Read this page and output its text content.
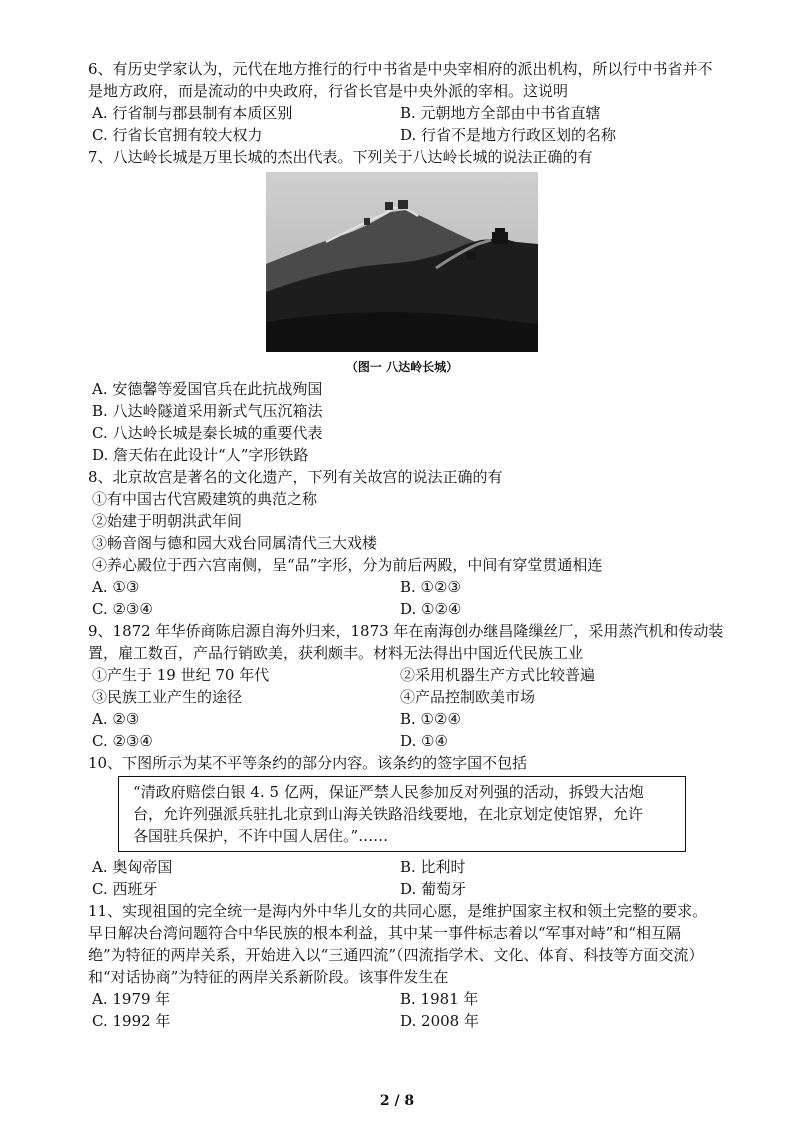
6、有历史学家认为，元代在地方推行的行中书省是中央宰相府的派出机构，所以行中书省并不
是地方政府，而是流动的中央政府，行省长官是中央外派的宰相。这说明
A. 行省制与郡县制有本质区别	B. 元朝地方全部由中书省直辖
C. 行省长官拥有较大权力	D. 行省不是地方行政区划的名称
7、八达岭长城是万里长城的杰出代表。下列关于八达岭长城的说法正确的有
（图一 八达岭长城）
A. 安德馨等爱国官兵在此抗战殉国
B. 八达岭隧道采用新式气压沉箱法
C. 八达岭长城是秦长城的重要代表
D. 詹天佑在此设计“人”字形铁路
8、北京故宫是著名的文化遗产，下列有关故宫的说法正确的有
①有中国古代宫殿建筑的典范之称
②始建于明朝洪武年间
③畅音阁与德和园大戏台同属清代三大戏楼
④养心殿位于西六宫南侧，呈“品”字形，分为前后两殿，中间有穿堂贯通相连
A. ①③	B. ①②③
C. ②③④	D. ①②④
9、1872 年华侨商陈启源自海外归来，1873 年在南海创办继昌隆缫丝厂，采用蒸汽机和传动装
置，雇工数百，产品行销欧美，获利颇丰。材料无法得出中国近代民族工业
①产生于 19 世纪 70 年代	②采用机器生产方式比较普遍
③民族工业产生的途径	④产品控制欧美市场
A. ②③	B. ①②④
C. ②③④	D. ①④
10、下图所示为某不平等条约的部分内容。该条约的签字国不包括
“清政府赔偿白银 4. 5 亿两，保证严禁人民参加反对列强的活动，拆毁大沽炮
台，允许列强派兵驻扎北京到山海关铁路沿线要地，在北京划定使馆界，允许
各国驻兵保护，不许中国人居住。”……
A. 奥匈帝国	B. 比利时
C. 西班牙	D. 葡萄牙
11、实现祖国的完全统一是海内外中华儿女的共同心愿，是维护国家主权和领土完整的要求。
早日解决台湾问题符合中华民族的根本利益，其中某一事件标志着以“军事对峙”和“相互隔
绝”为特征的两岸关系，开始进入以“三通四流”（四流指学术、文化、体育、科技等方面交流）
和“对话协商”为特征的两岸关系新阶段。该事件发生在
A. 1979 年	B. 1981 年
C. 1992 年	D. 2008 年
2 / 8
